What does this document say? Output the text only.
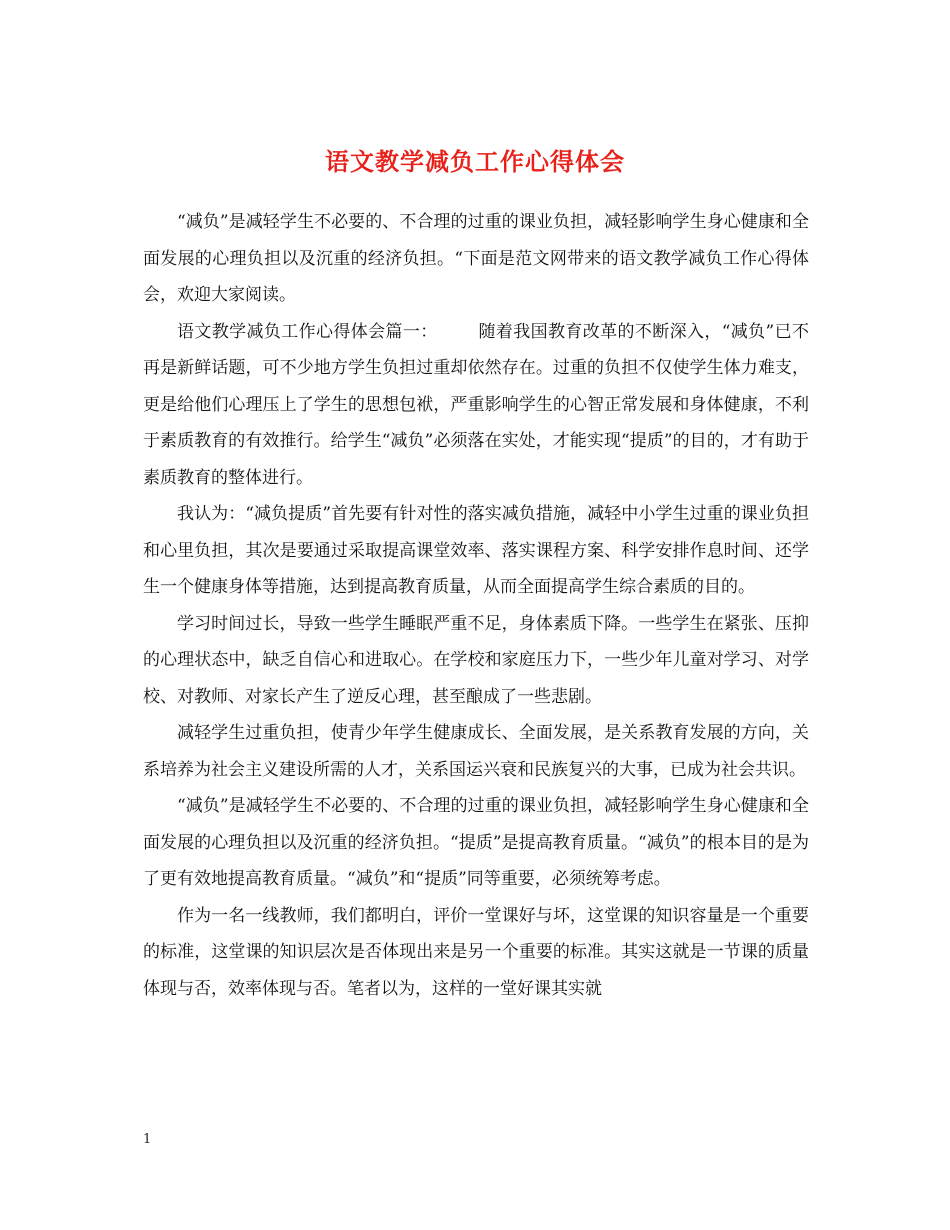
语文教学减负工作心得体会

“减负”是减轻学生不必要的、不合理的过重的课业负担，减轻影响学生身心健康和全面发展的心理负担以及沉重的经济负担。“下面是范文网带来的语文教学减负工作心得体会，欢迎大家阅读。

语文教学减负工作心得体会篇一： 随着我国教育改革的不断深入，“减负”已不再是新鲜话题，可不少地方学生负担过重却依然存在。过重的负担不仅使学生体力难支，更是给他们心理压上了学生的思想包袱，严重影响学生的心智正常发展和身体健康，不利于素质教育的有效推行。给学生“减负”必须落在实处，才能实现“提质”的目的，才有助于素质教育的整体进行。

我认为：“减负提质”首先要有针对性的落实减负措施，减轻中小学生过重的课业负担和心里负担，其次是要通过采取提高课堂效率、落实课程方案、科学安排作息时间、还学生一个健康身体等措施，达到提高教育质量，从而全面提高学生综合素质的目的。

学习时间过长，导致一些学生睡眠严重不足，身体素质下降。一些学生在紧张、压抑的心理状态中，缺乏自信心和进取心。在学校和家庭压力下，一些少年儿童对学习、对学校、对教师、对家长产生了逆反心理，甚至酿成了一些悲剧。

减轻学生过重负担，使青少年学生健康成长、全面发展，是关系教育发展的方向，关系培养为社会主义建设所需的人才，关系国运兴衰和民族复兴的大事，已成为社会共识。

“减负”是减轻学生不必要的、不合理的过重的课业负担，减轻影响学生身心健康和全面发展的心理负担以及沉重的经济负担。“提质”是提高教育质量。“减负”的根本目的是为了更有效地提高教育质量。“减负”和“提质”同等重要，必须统筹考虑。

作为一名一线教师，我们都明白，评价一堂课好与坏，这堂课的知识容量是一个重要的标准，这堂课的知识层次是否体现出来是另一个重要的标准。其实这就是一节课的质量体现与否，效率体现与否。笔者以为，这样的一堂好课其实就

1
